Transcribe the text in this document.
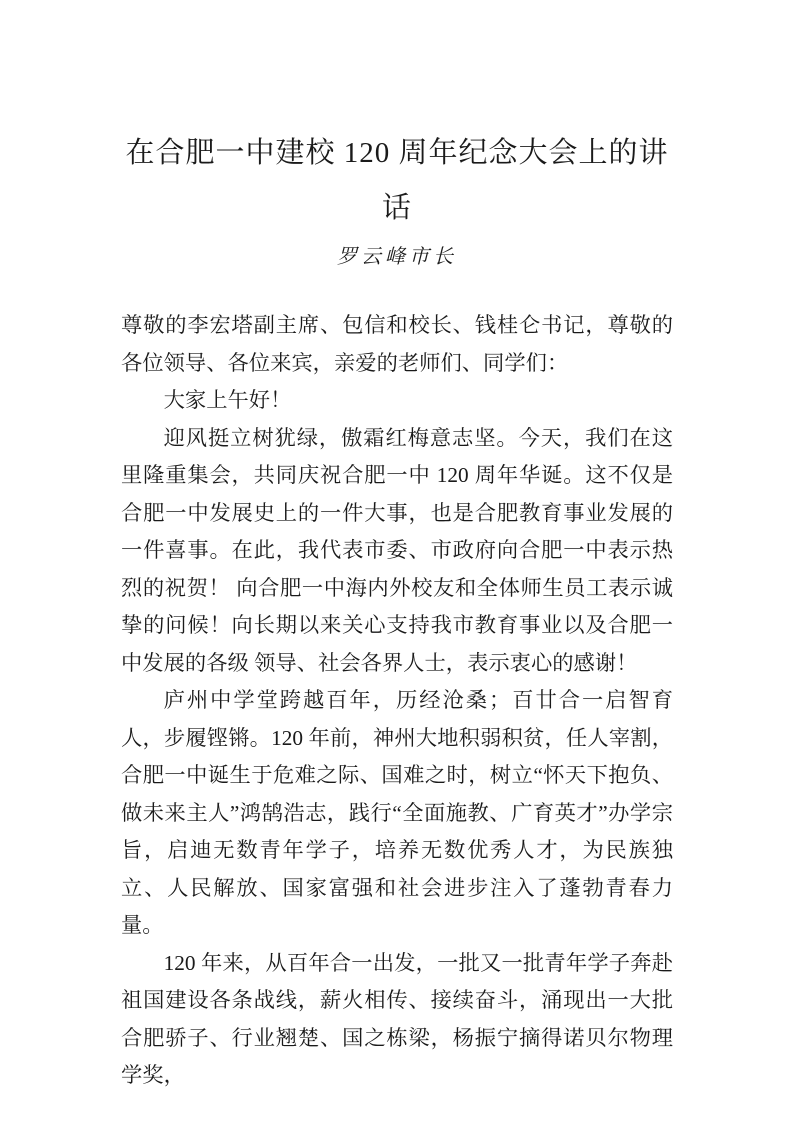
在合肥一中建校 120 周年纪念大会上的讲
话
罗云峰市长

尊敬的李宏塔副主席、包信和校长、钱桂仑书记，尊敬的各位领导、各位来宾，亲爱的老师们、同学们：

大家上午好！

迎风挺立树犹绿，傲霜红梅意志坚。今天，我们在这里隆重集会，共同庆祝合肥一中 120 周年华诞。这不仅是合肥一中发展史上的一件大事，也是合肥教育事业发展的一件喜事。在此，我代表市委、市政府向合肥一中表示热烈的祝贺！ 向合肥一中海内外校友和全体师生员工表示诚挚的问候！向长期以来关心支持我市教育事业以及合肥一中发展的各级 领导、社会各界人士，表示衷心的感谢！

庐州中学堂跨越百年，历经沧桑；百廿合一启智育人，步履铿锵。120 年前，神州大地积弱积贫，任人宰割，合肥一中诞生于危难之际、国难之时，树立“怀天下抱负、做未来主人”鸿鹄浩志，践行“全面施教、广育英才”办学宗旨，启迪无数青年学子，培养无数优秀人才，为民族独立、人民解放、国家富强和社会进步注入了蓬勃青春力量。

120 年来，从百年合一出发，一批又一批青年学子奔赴祖国建设各条战线，薪火相传、接续奋斗，涌现出一大批合肥骄子、行业翘楚、国之栋梁，杨振宁摘得诺贝尔物理学奖，
